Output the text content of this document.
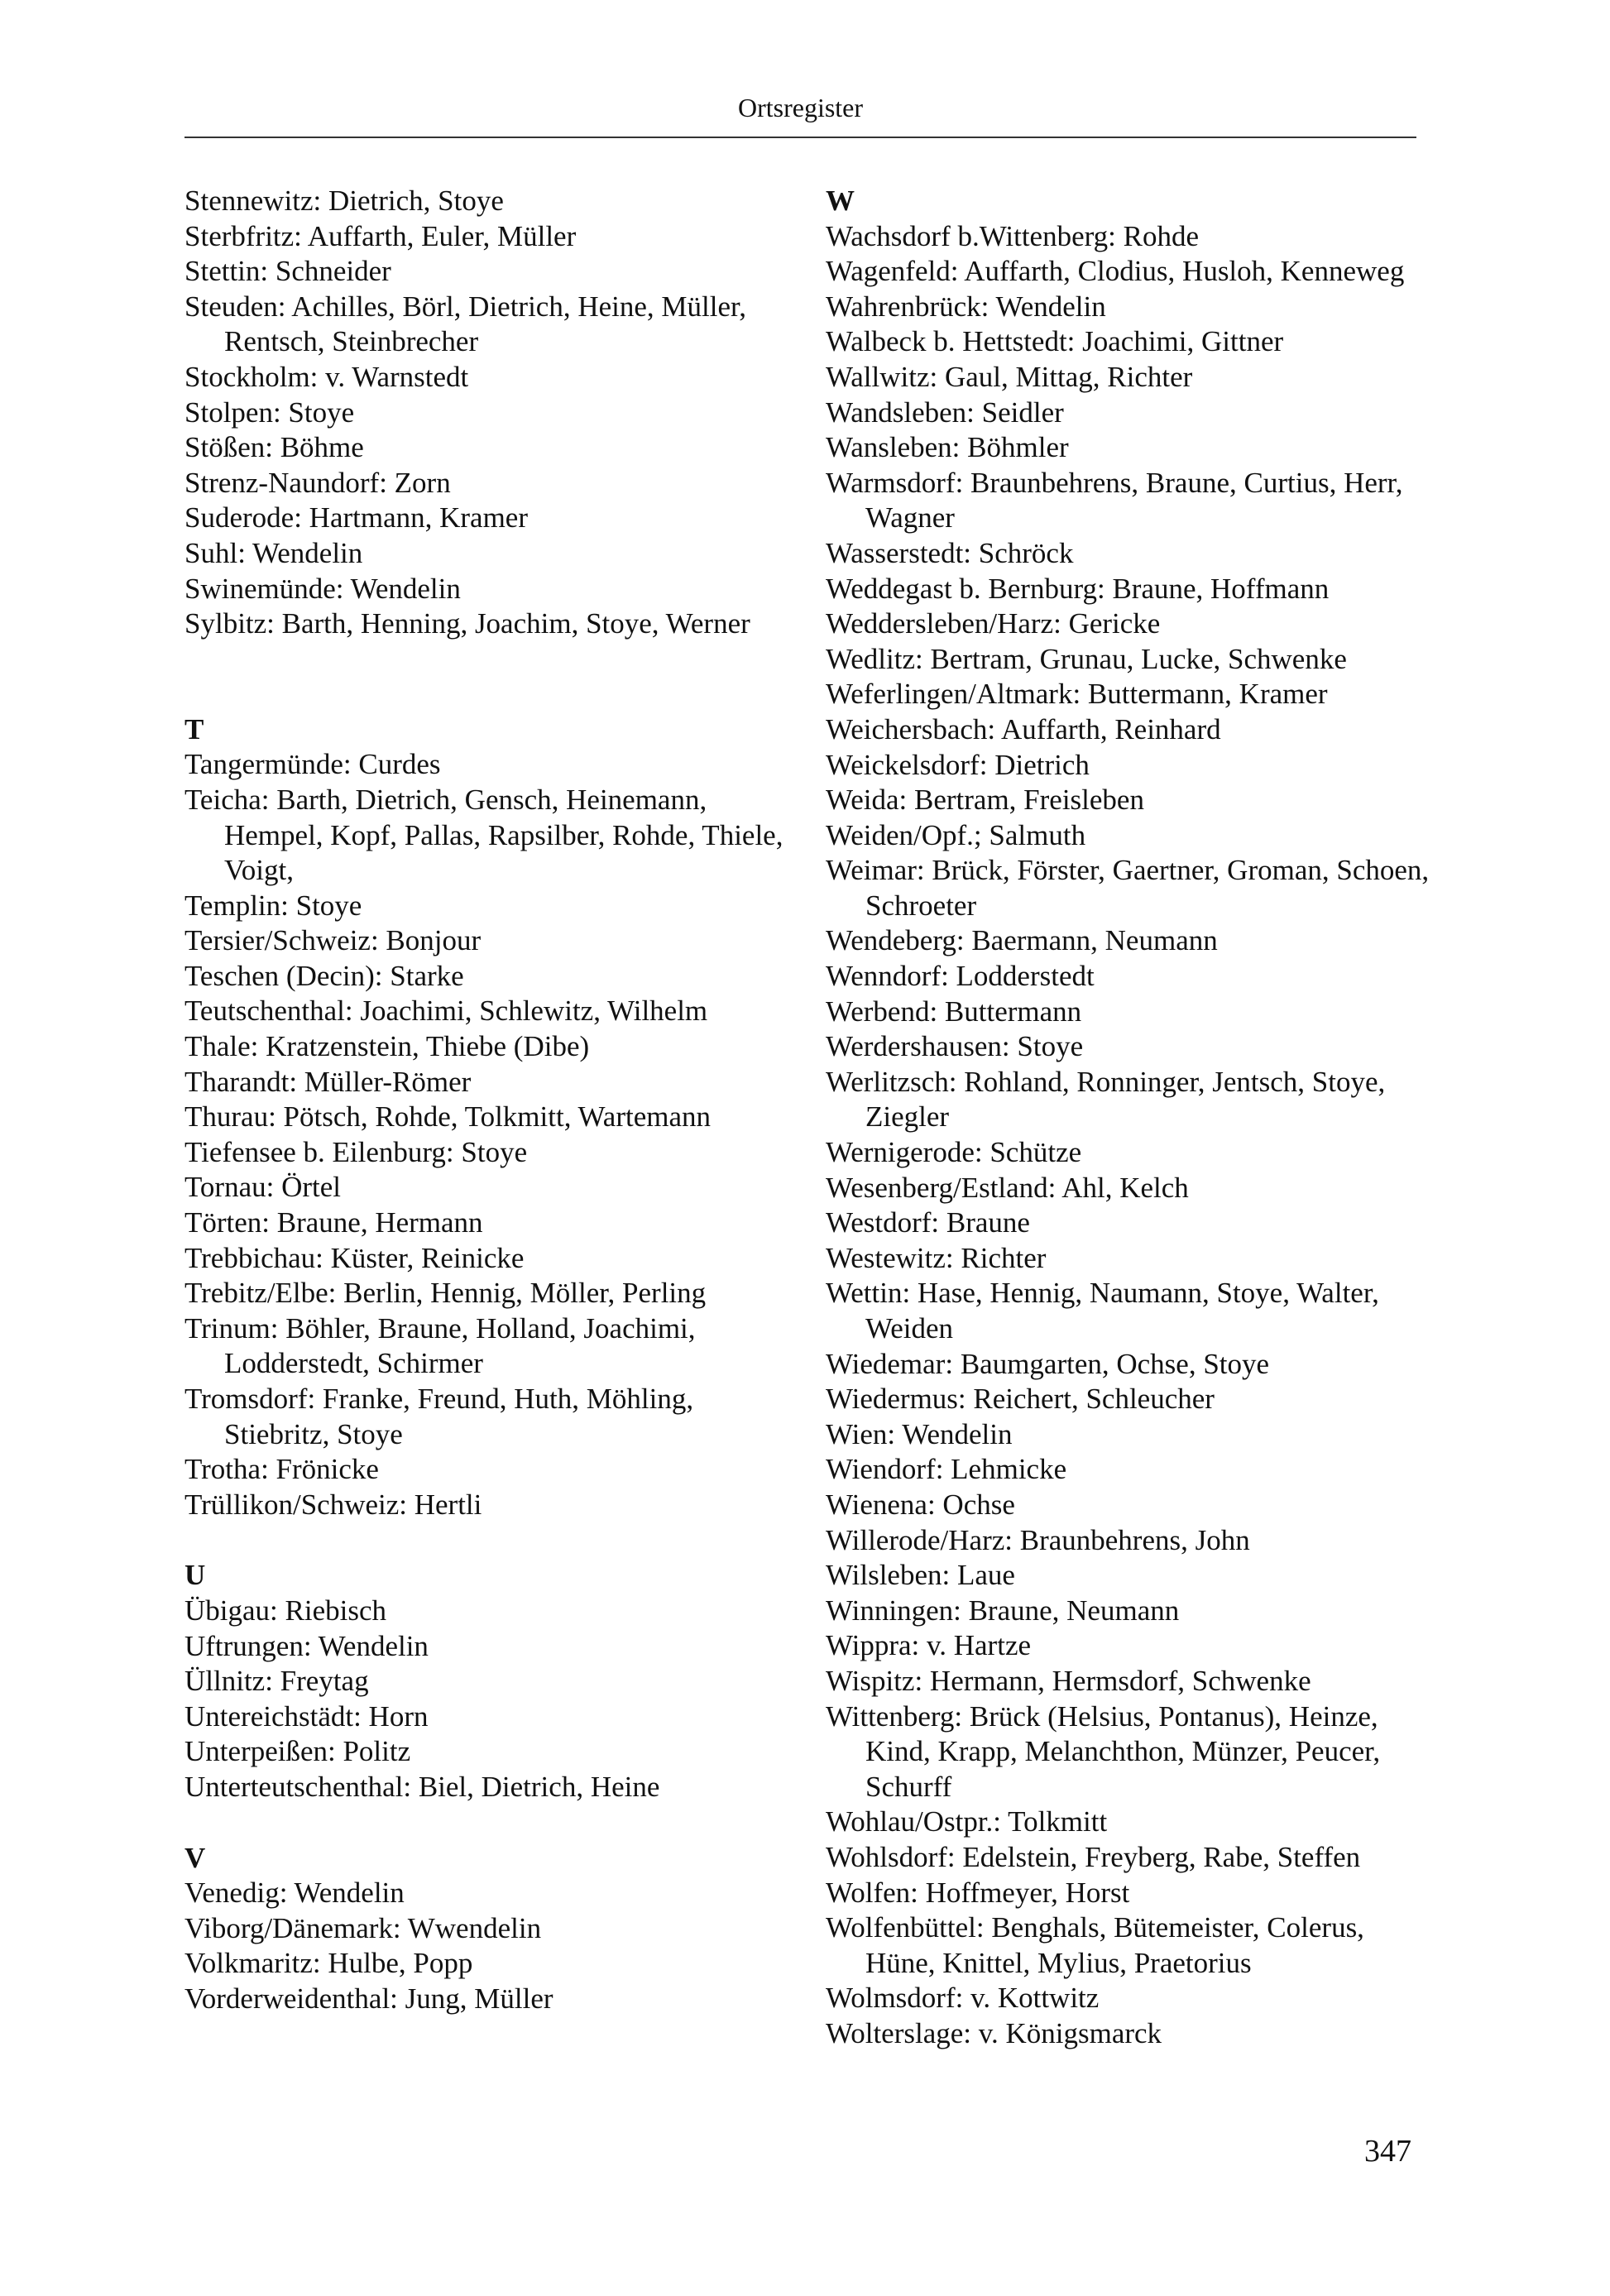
Ortsregister

Stennewitz: Dietrich, Stoye

Sterbfritz: Auffarth, Euler, Müller

Stettin: Schneider

Steuden: Achilles, Börl, Dietrich, Heine, Müller, Rentsch, Steinbrecher

Stockholm: v. Warnstedt

Stolpen: Stoye

Stößen: Böhme

Strenz-Naundorf: Zorn

Suderode: Hartmann, Kramer

Suhl: Wendelin

Swinemünde: Wendelin

Sylbitz: Barth, Henning, Joachim, Stoye, Werner

T

Tangermünde: Curdes

Teicha: Barth, Dietrich, Gensch, Heinemann, Hempel, Kopf, Pallas, Rapsilber, Rohde, Thiele, Voigt,

Templin: Stoye

Tersier/Schweiz: Bonjour

Teschen (Decin): Starke

Teutschenthal: Joachimi, Schlewitz, Wilhelm

Thale: Kratzenstein, Thiebe (Dibe)

Tharandt: Müller-Römer

Thurau: Pötsch, Rohde, Tolkmitt, Wartemann

Tiefensee b. Eilenburg: Stoye

Tornau: Örtel

Törten: Braune, Hermann

Trebbichau: Küster, Reinicke

Trebitz/Elbe: Berlin, Hennig, Möller, Perling

Trinum: Böhler, Braune, Holland, Joachimi, Lodderstedt, Schirmer

Tromsdorf: Franke, Freund, Huth, Möhling, Stiebritz, Stoye

Trotha: Frönicke

Trüllikon/Schweiz: Hertli

U

Übigau: Riebisch

Uftrungen: Wendelin

Üllnitz: Freytag

Untereichstädt: Horn

Unterpeißen: Politz

Unterteutschenthal: Biel, Dietrich, Heine

V

Venedig: Wendelin

Viborg/Dänemark: Wwendelin

Volkmaritz: Hulbe, Popp

Vorderweidenthal: Jung, Müller

W

Wachsdorf b.Wittenberg: Rohde

Wagenfeld: Auffarth, Clodius, Husloh, Kenneweg

Wahrenbrück: Wendelin

Walbeck b. Hettstedt: Joachimi, Gittner

Wallwitz: Gaul, Mittag, Richter

Wandsleben: Seidler

Wansleben: Böhmler

Warmsdorf: Braunbehrens, Braune, Curtius, Herr, Wagner

Wasserstedt: Schröck

Weddegast b. Bernburg: Braune, Hoffmann

Weddersleben/Harz: Gericke

Wedlitz: Bertram, Grunau, Lucke, Schwenke

Weferlingen/Altmark: Buttermann, Kramer

Weichersbach: Auffarth, Reinhard

Weickelsdorf: Dietrich

Weida: Bertram, Freisleben

Weiden/Opf.; Salmuth

Weimar: Brück, Förster, Gaertner, Groman, Schoen, Schroeter

Wendeberg: Baermann, Neumann

Wenndorf: Lodderstedt

Werbend: Buttermann

Werdershausen: Stoye

Werlitzsch: Rohland, Ronninger, Jentsch, Stoye, Ziegler

Wernigerode: Schütze

Wesenberg/Estland: Ahl, Kelch

Westdorf: Braune

Westewitz: Richter

Wettin: Hase, Hennig, Naumann, Stoye, Walter, Weiden

Wiedemar: Baumgarten, Ochse, Stoye

Wiedermus: Reichert, Schleucher

Wien: Wendelin

Wiendorf: Lehmicke

Wienena: Ochse

Willerode/Harz: Braunbehrens, John

Wilsleben: Laue

Winningen: Braune, Neumann

Wippra: v. Hartze

Wispitz: Hermann, Hermsdorf, Schwenke

Wittenberg: Brück (Helsius, Pontanus), Heinze, Kind, Krapp, Melanchthon, Münzer, Peucer, Schurff

Wohlau/Ostpr.: Tolkmitt

Wohlsdorf: Edelstein, Freyberg, Rabe, Steffen

Wolfen: Hoffmeyer, Horst

Wolfenbüttel: Benghals, Bütemeister, Colerus, Hüne, Knittel, Mylius, Praetorius

Wolmsdorf: v. Kottwitz

Wolterslage: v. Königsmarck

347
